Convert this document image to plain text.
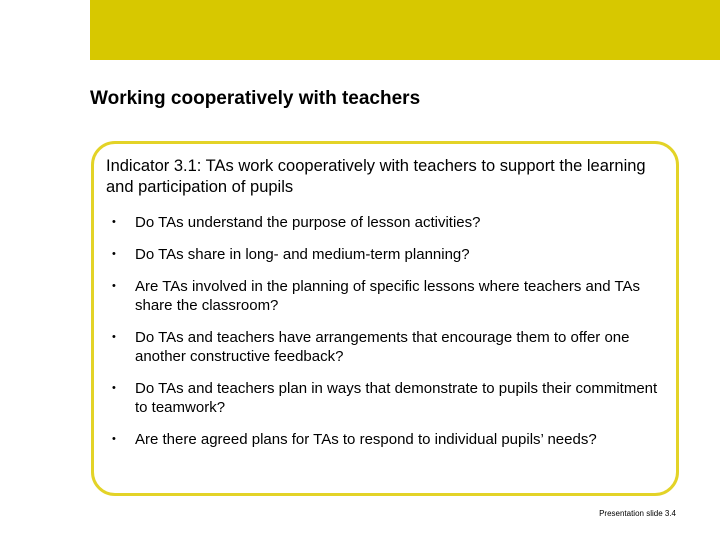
Working cooperatively with teachers

Indicator 3.1: TAs work cooperatively with teachers to support the learning and participation of pupils

• Do TAs understand the purpose of lesson activities?
• Do TAs share in long- and medium-term planning?
• Are TAs involved in the planning of specific lessons where teachers and TAs share the classroom?
• Do TAs and teachers have arrangements that encourage them to offer one another constructive feedback?
• Do TAs and teachers plan in ways that demonstrate to pupils their commitment to teamwork?
• Are there agreed plans for TAs to respond to individual pupils’ needs?
Presentation slide 3.4
